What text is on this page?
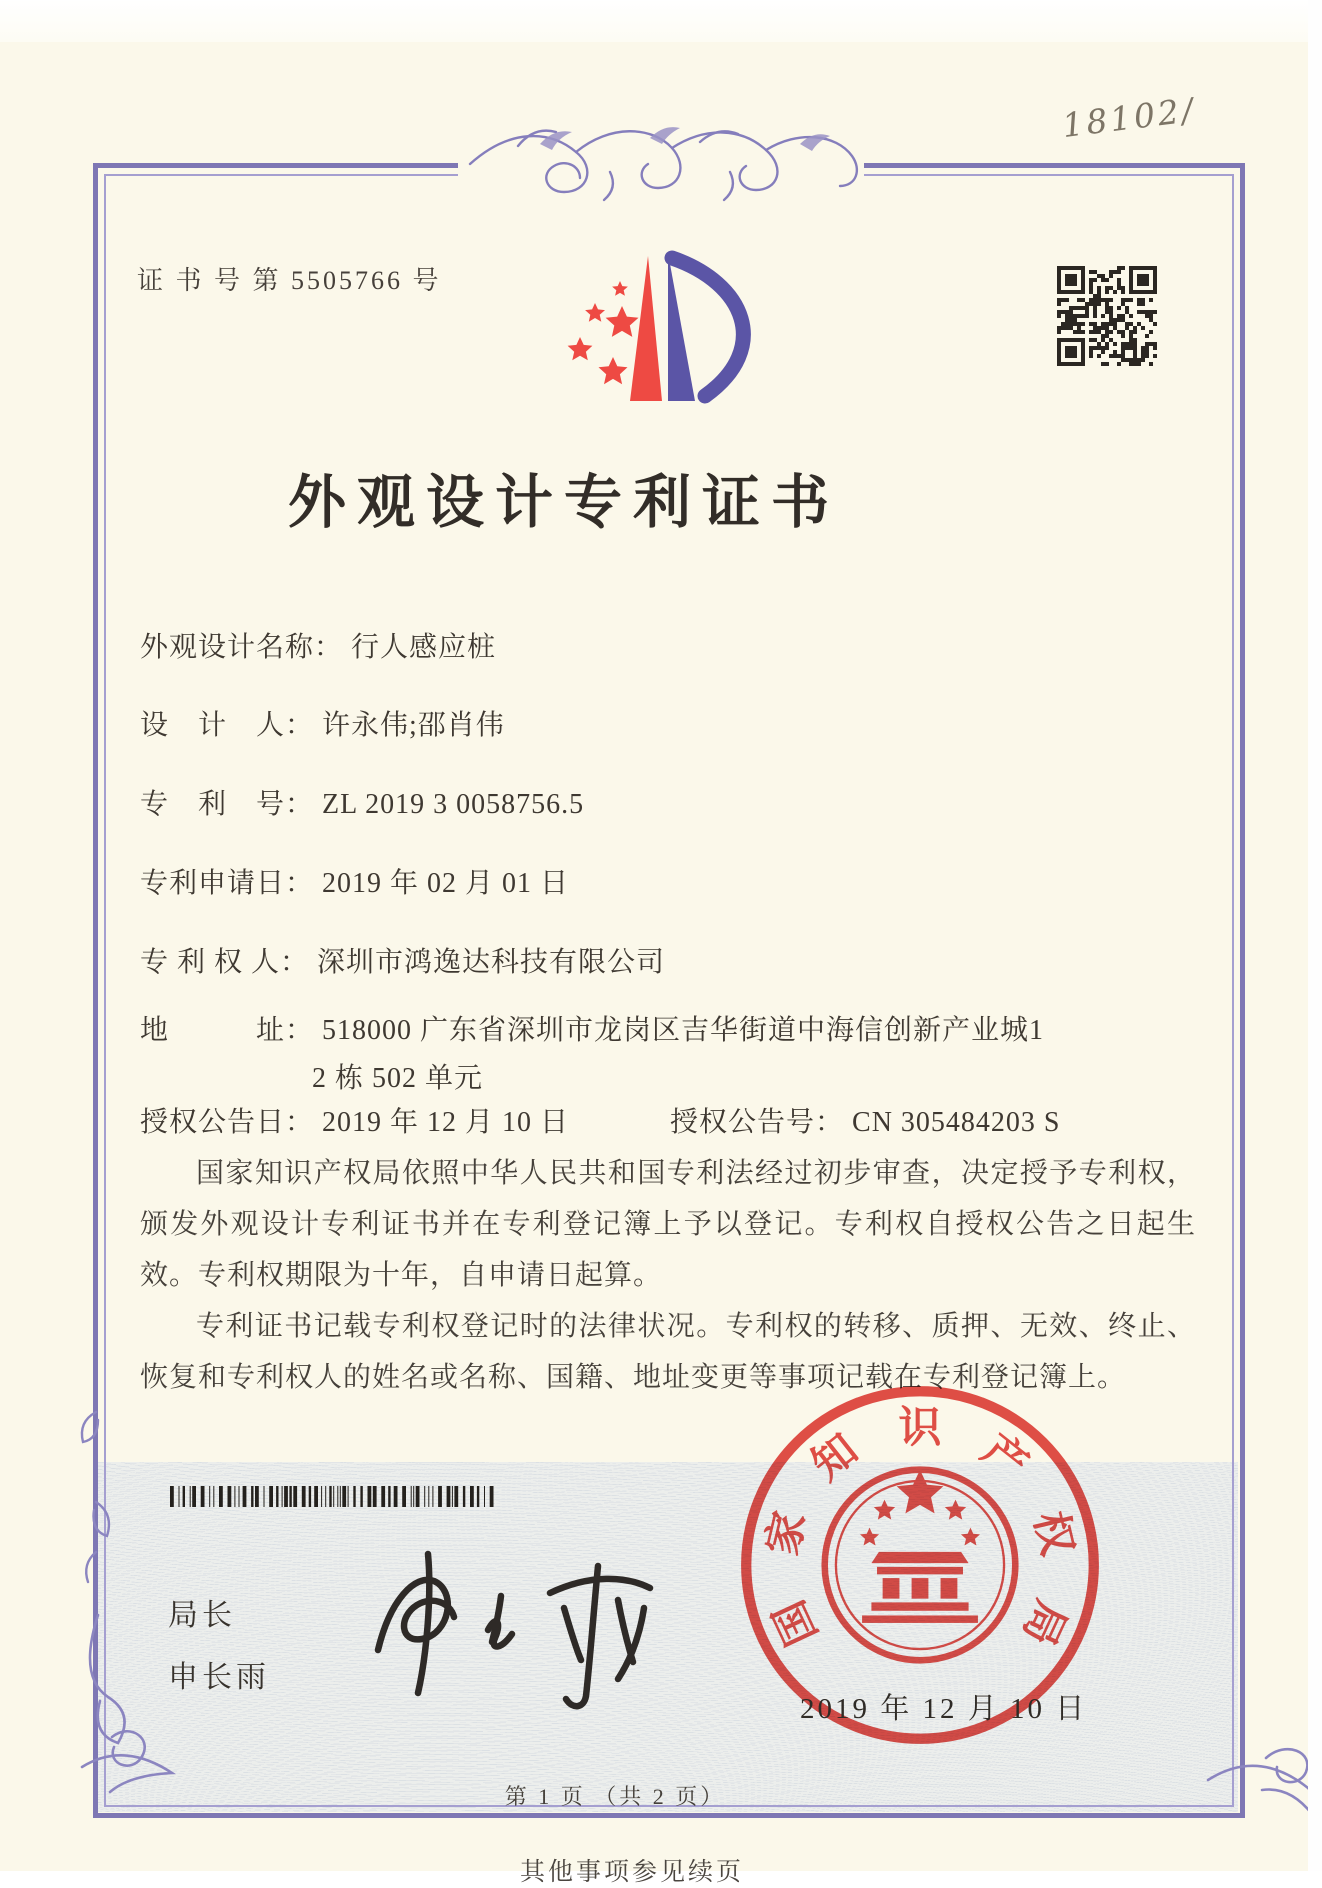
18102/
证 书 号 第 5505766 号
外观设计专利证书
外观设计名称： 行人感应桩
设　计　人： 许永伟;邵肖伟
专　利　号： ZL 2019 3 0058756.5
专利申请日： 2019 年 02 月 01 日
专 利 权 人： 深圳市鸿逸达科技有限公司
地　　　址： 518000 广东省深圳市龙岗区吉华街道中海信创新产业城1
2 栋 502 单元
授权公告日： 2019 年 12 月 10 日	授权公告号： CN 305484203 S

国家知识产权局依照中华人民共和国专利法经过初步审查，决定授予专利权，颁发外观设计专利证书并在专利登记簿上予以登记。专利权自授权公告之日起生效。专利权期限为十年，自申请日起算。

专利证书记载专利权登记时的法律状况。专利权的转移、质押、无效、终止、恢复和专利权人的姓名或名称、国籍、地址变更等事项记载在专利登记簿上。

局长
申长雨
国
家
知 识 产
权
局
2019 年 12 月 10 日
第 1 页 （共 2 页）
其他事项参见续页
